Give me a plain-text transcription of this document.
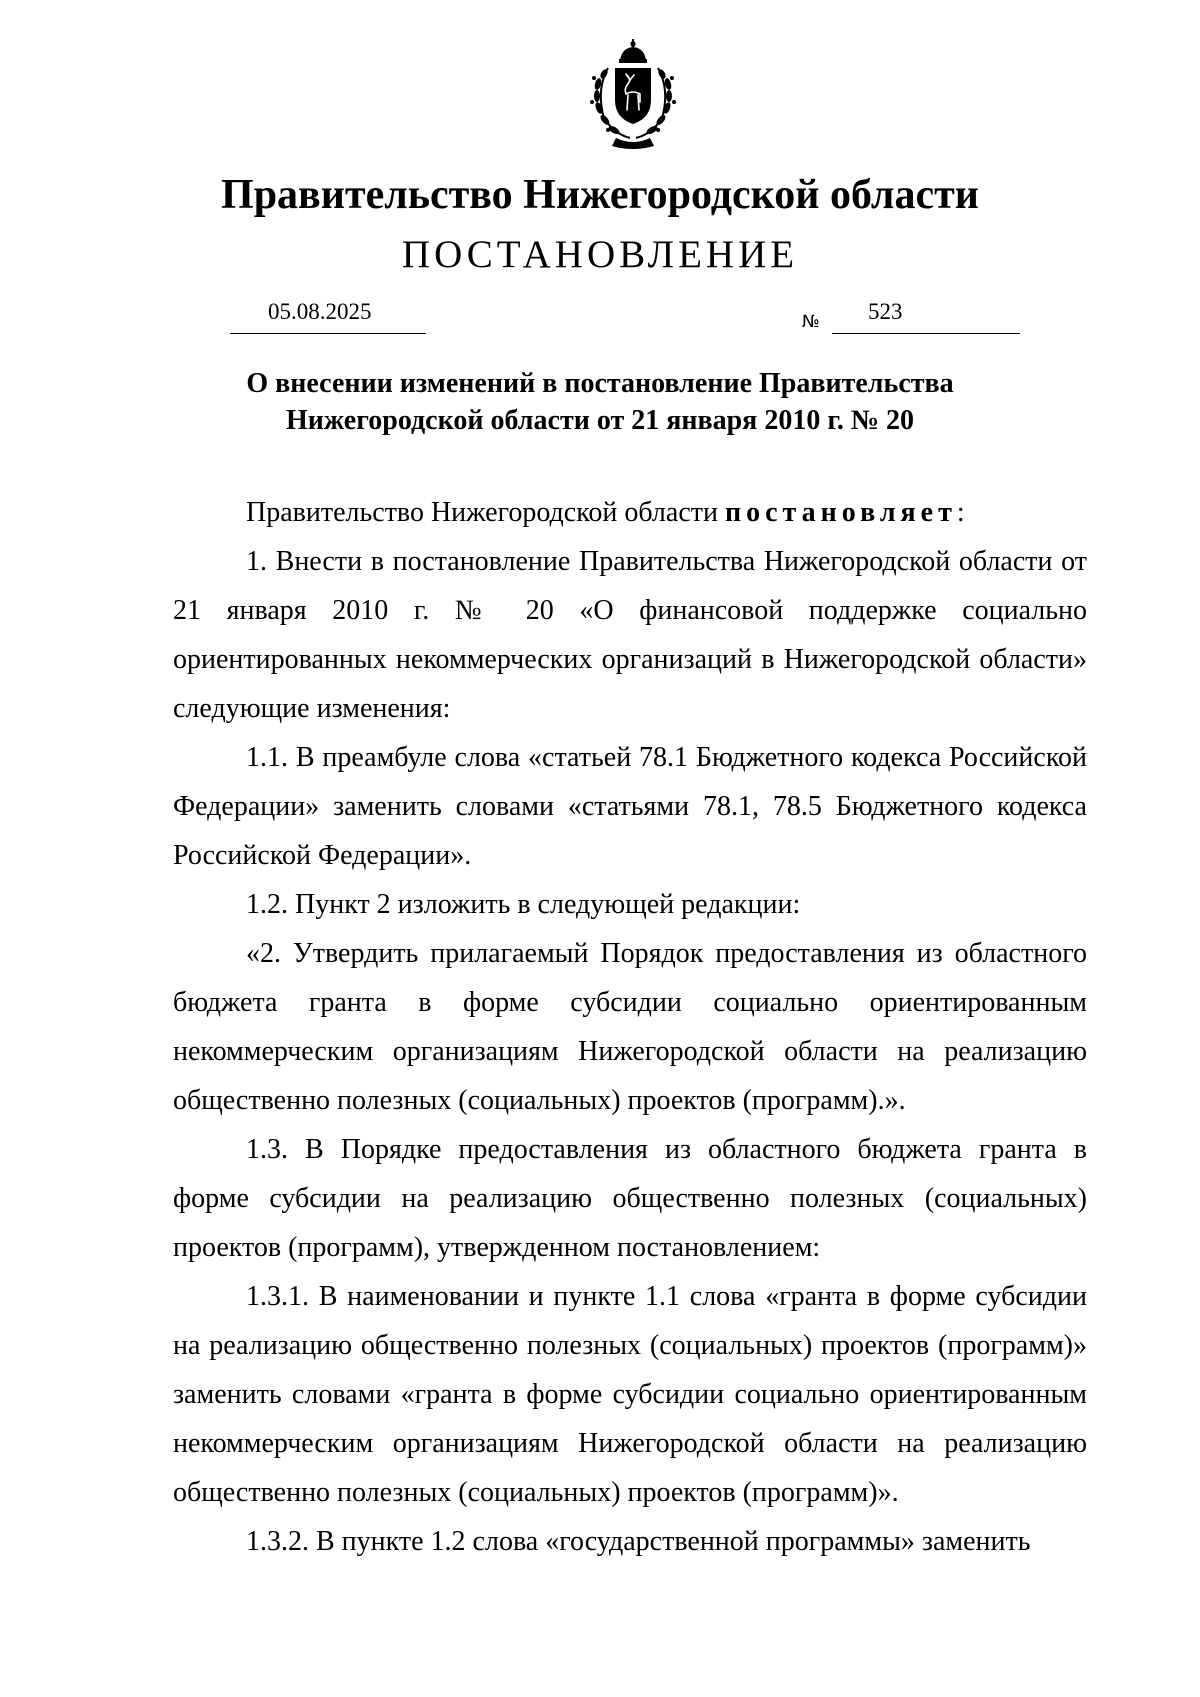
Правительство Нижегородской области
ПОСТАНОВЛЕНИЕ
05.08.2025	№ 523
О внесении изменений в постановление Правительства
Нижегородской области от 21 января 2010 г. № 20

Правительство Нижегородской области постановляет:

1. Внести в постановление Правительства Нижегородской области от 21 января 2010 г. № 20 «О финансовой поддержке социально ориентированных некоммерческих организаций в Нижегородской области» следующие изменения:

1.1. В преамбуле слова «статьей 78.1 Бюджетного кодекса Российской Федерации» заменить словами «статьями 78.1, 78.5 Бюджетного кодекса Российской Федерации».

1.2. Пункт 2 изложить в следующей редакции:

«2. Утвердить прилагаемый Порядок предоставления из областного бюджета гранта в форме субсидии социально ориентированным некоммерческим организациям Нижегородской области на реализацию общественно полезных (социальных) проектов (программ).».

1.3. В Порядке предоставления из областного бюджета гранта в форме субсидии на реализацию общественно полезных (социальных) проектов (программ), утвержденном постановлением:

1.3.1. В наименовании и пункте 1.1 слова «гранта в форме субсидии на реализацию общественно полезных (социальных) проектов (программ)» заменить словами «гранта в форме субсидии социально ориентированным некоммерческим организациям Нижегородской области на реализацию общественно полезных (социальных) проектов (программ)».

1.3.2. В пункте 1.2 слова «государственной программы» заменить
